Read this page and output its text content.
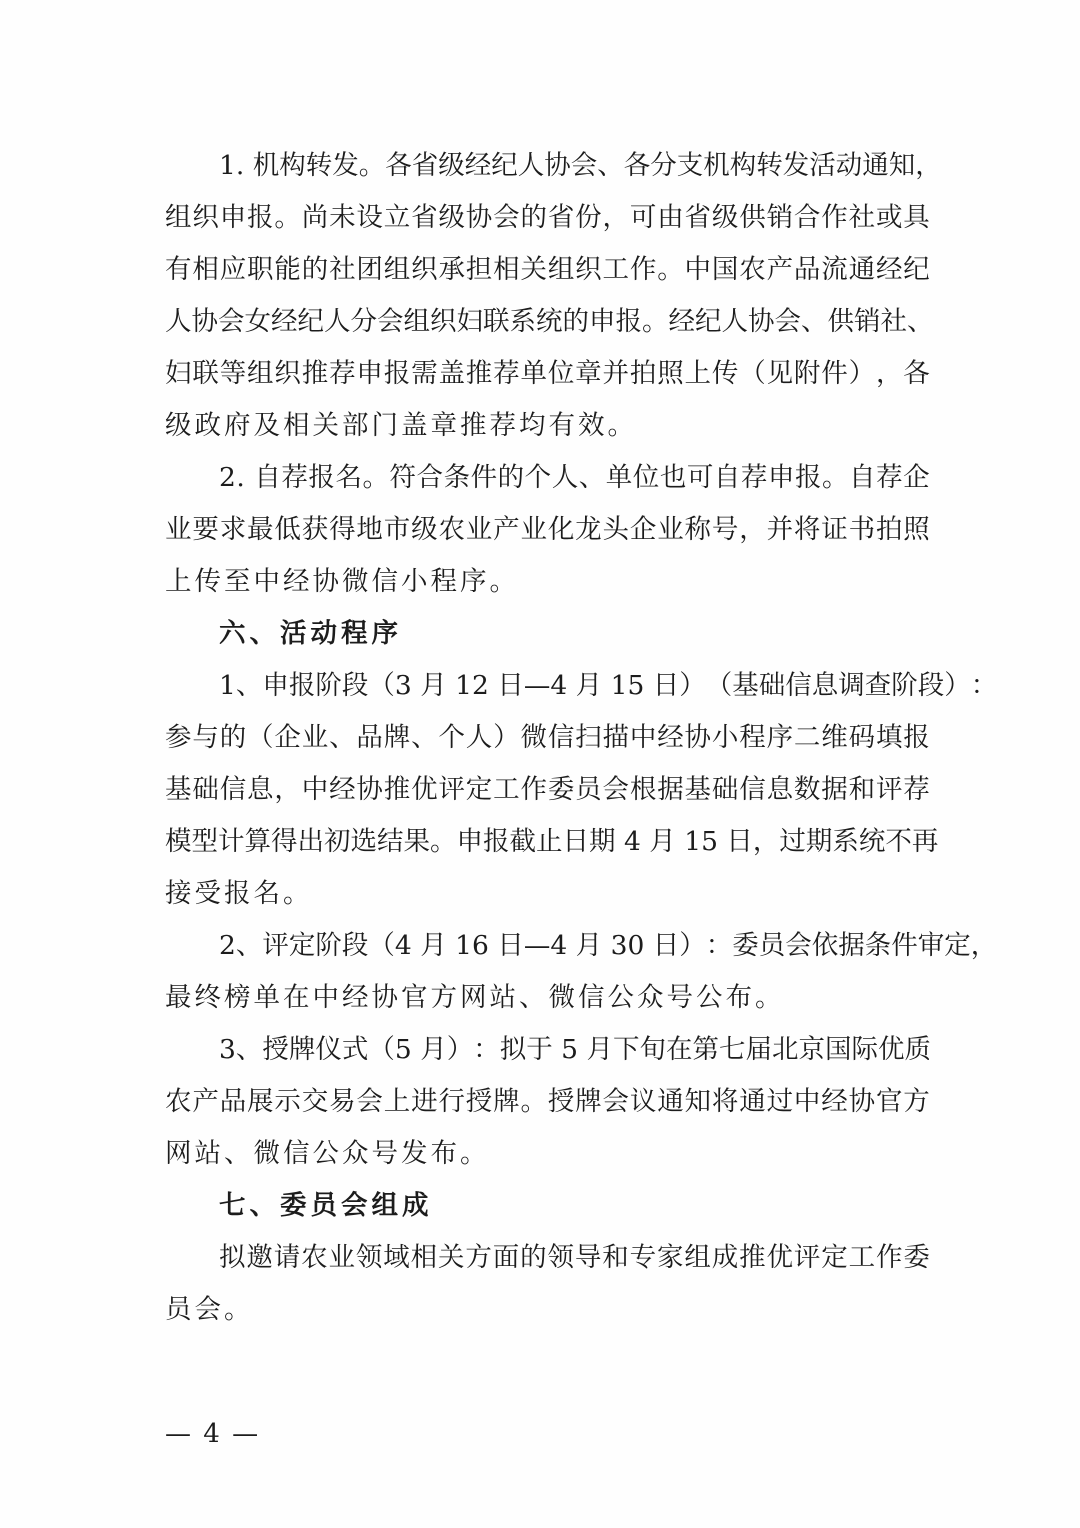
1 .
机 构 转 发 。 各 省 级 经 纪 人 协 会 、 各 分 支 机 构 转 发 活 动 通 知 ，
组 织 申 报 。 尚 未 设 立 省 级 协 会 的 省 份 ， 可 由 省 级 供 销 合 作 社 或 具
有 相 应 职 能 的 社 团 组 织 承 担 相 关 组 织 工 作 。 中 国 农 产 品 流 通 经 纪
人 协 会 女 经 纪 人 分 会 组 织 妇 联 系 统 的 申 报 。 经 纪 人 协 会 、 供 销 社 、
妇 联 等 组 织 推 荐 申 报 需 盖 推 荐 单 位 章 并 拍 照 上 传 （ 见 附 件 ） ， 各
级政府及相关部门盖章推荐均有效。
2 .
自 荐 报 名 。 符 合 条 件 的 个 人 、 单 位 也 可 自 荐 申 报 。 自 荐 企
业 要 求 最 低 获 得 地 市 级 农 业 产 业 化 龙 头 企 业 称 号 ， 并 将 证 书 拍 照
上传至中经协微信小程序。
六、活动程序
1 、 申 报 阶 段 （ 3
月
1 2
日 — 4
月
1 5
日 ） （ 基 础 信 息 调 查 阶 段 ） ：
参 与 的 （ 企 业 、 品 牌 、 个 人 ） 微 信 扫 描 中 经 协 小 程 序 二 维 码 填 报
基 础 信 息 ， 中 经 协 推 优 评 定 工 作 委 员 会 根 据 基 础 信 息 数 据 和 评 荐
模 型 计 算 得 出 初 选 结 果 。 申 报 截 止 日 期
4
月
1 5
日 ， 过 期 系 统 不 再
接受报名。
2 、 评 定 阶 段 （ 4
月
1 6
日 — 4
月
3 0
日 ） ： 委 员 会 依 据 条 件 审 定 ，
最终榜单在中经协官方网站、微信公众号公布。
3 、 授 牌 仪 式 （ 5
月 ） ： 拟 于
5
月 下 旬 在 第 七 届 北 京 国 际 优 质
农 产 品 展 示 交 易 会 上 进 行 授 牌 。 授 牌 会 议 通 知 将 通 过 中 经 协 官 方
网站、微信公众号发布。
七、委员会组成
拟 邀 请 农 业 领 域 相 关 方 面 的 领 导 和 专 家 组 成 推 优 评 定 工 作 委
员会。
— 4 —
